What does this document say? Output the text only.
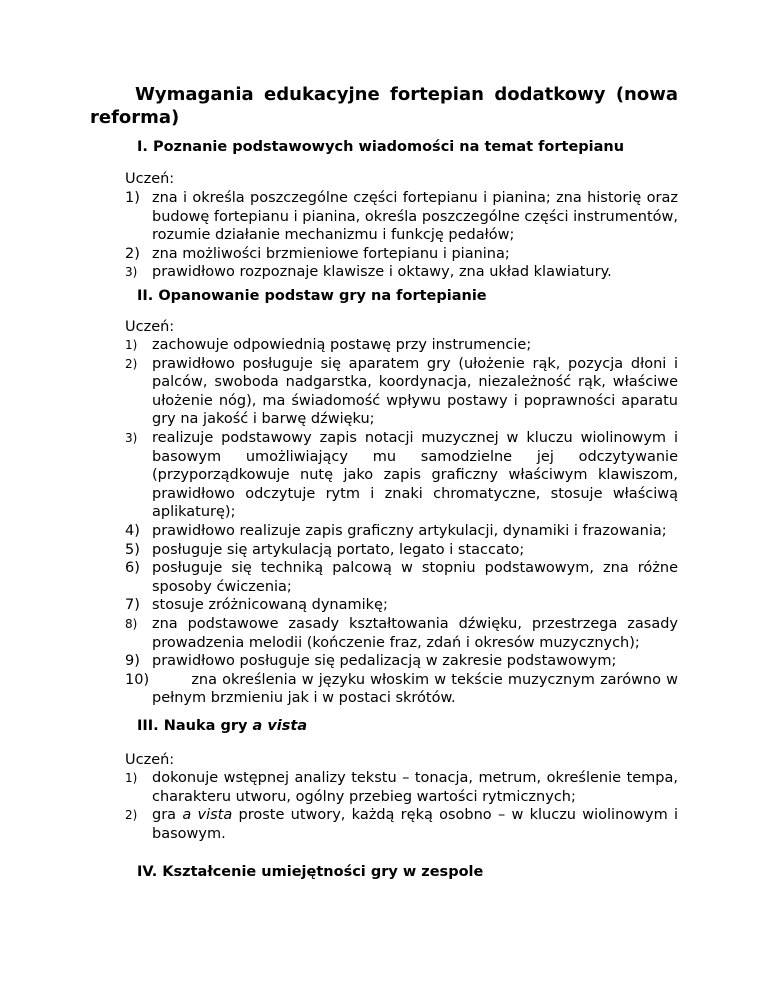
Wymagania edukacyjne fortepian dodatkowy (nowa reforma)
I. Poznanie podstawowych wiadomości na temat fortepianu

Uczeń:

1) zna i określa poszczególne części fortepianu i pianina; zna historię oraz budowę fortepianu i pianina, określa poszczególne części instrumentów, rozumie działanie mechanizmu i funkcję pedałów;
2) zna możliwości brzmieniowe fortepianu i pianina;
3) prawidłowo rozpoznaje klawisze i oktawy, zna układ klawiatury.
II. Opanowanie podstaw gry na fortepianie

Uczeń:

1) zachowuje odpowiednią postawę przy instrumencie;
2) prawidłowo posługuje się aparatem gry (ułożenie rąk, pozycja dłoni i palców, swoboda nadgarstka, koordynacja, niezależność rąk, właściwe ułożenie nóg), ma świadomość wpływu postawy i poprawności aparatu gry na jakość i barwę dźwięku;
3) realizuje podstawowy zapis notacji muzycznej w kluczu wiolinowym i basowym umożliwiający mu samodzielne jej odczytywanie (przyporządkowuje nutę jako zapis graficzny właściwym klawiszom, prawidłowo odczytuje rytm i znaki chromatyczne, stosuje właściwą aplikaturę);
4) prawidłowo realizuje zapis graficzny artykulacji, dynamiki i frazowania;
5) posługuje się artykulacją portato, legato i staccato;
6) posługuje się techniką palcową w stopniu podstawowym, zna różne sposoby ćwiczenia;
7) stosuje zróżnicowaną dynamikę;
8) zna podstawowe zasady kształtowania dźwięku, przestrzega zasady prowadzenia melodii (kończenie fraz, zdań i okresów muzycznych);
9) prawidłowo posługuje się pedalizacją w zakresie podstawowym;
10)	zna określenia w języku włoskim w tekście muzycznym zarówno w pełnym brzmieniu jak i w postaci skrótów.
III. Nauka gry a vista

Uczeń:

1) dokonuje wstępnej analizy tekstu – tonacja, metrum, określenie tempa, charakteru utworu, ogólny przebieg wartości rytmicznych;
2) gra a vista proste utwory, każdą ręką osobno – w kluczu wiolinowym i basowym.
IV. Kształcenie umiejętności gry w zespole
